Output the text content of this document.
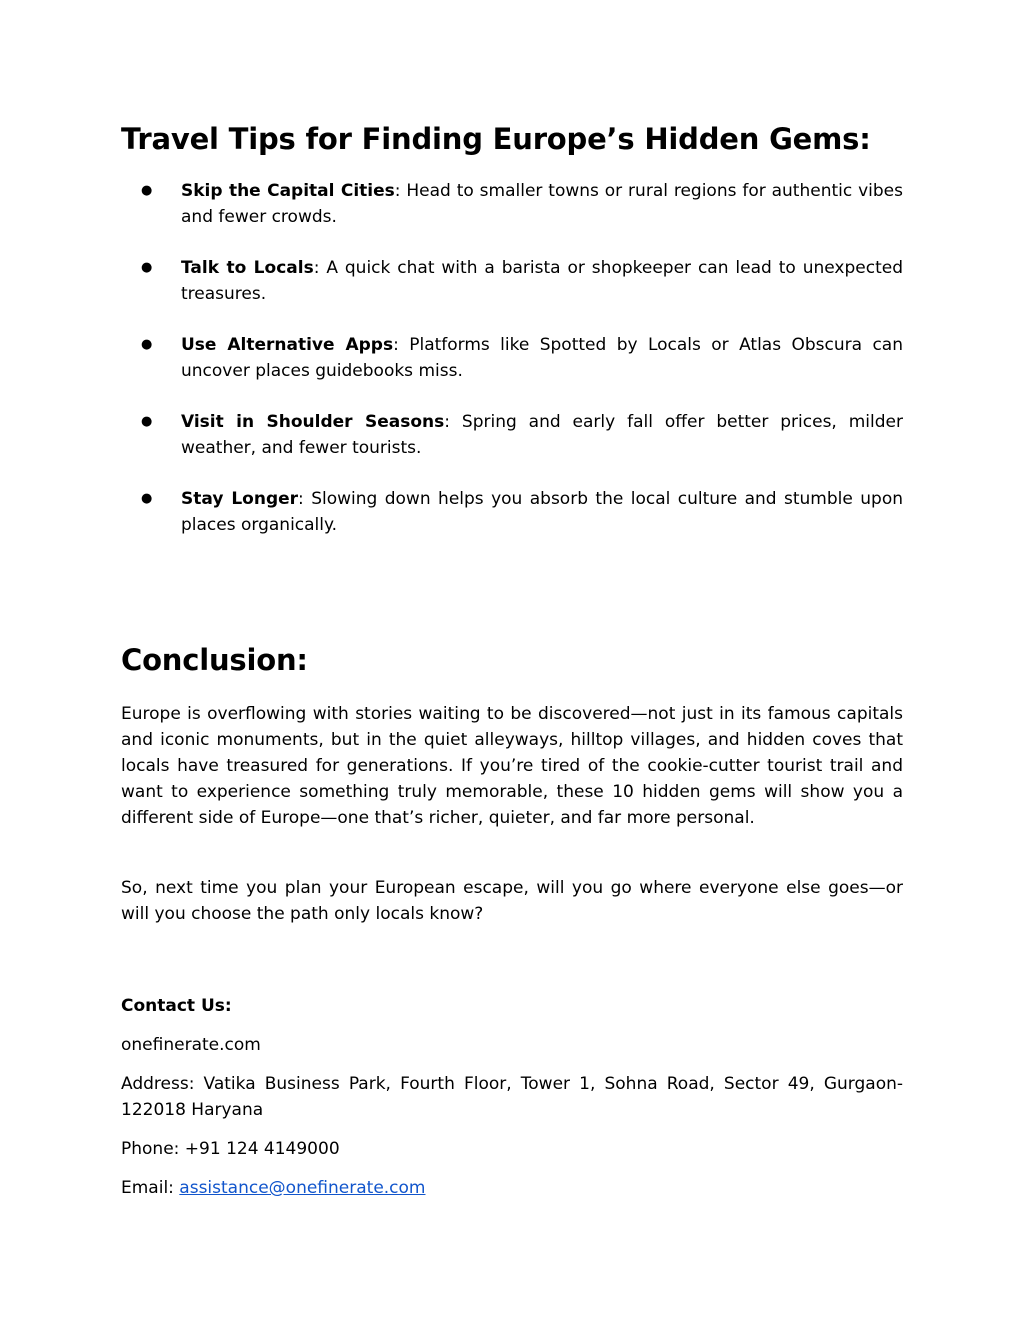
Travel Tips for Finding Europe’s Hidden Gems:
● Skip the Capital Cities: Head to smaller towns or rural regions for authentic vibes and fewer crowds.
● Talk to Locals: A quick chat with a barista or shopkeeper can lead to unexpected treasures.
● Use Alternative Apps: Platforms like Spotted by Locals or Atlas Obscura can uncover places guidebooks miss.
● Visit in Shoulder Seasons: Spring and early fall offer better prices, milder weather, and fewer tourists.
● Stay Longer: Slowing down helps you absorb the local culture and stumble upon places organically.
Conclusion:

Europe is overflowing with stories waiting to be discovered—not just in its famous capitals and iconic monuments, but in the quiet alleyways, hilltop villages, and hidden coves that locals have treasured for generations. If you’re tired of the cookie-cutter tourist trail and want to experience something truly memorable, these 10 hidden gems will show you a different side of Europe—one that’s richer, quieter, and far more personal.

So, next time you plan your European escape, will you go where everyone else goes—or will you choose the path only locals know?

Contact Us:

onefinerate.com

Address: Vatika Business Park, Fourth Floor, Tower 1, Sohna Road, Sector 49, Gurgaon- 122018 Haryana

Phone: +91 124 4149000

Email: assistance@onefinerate.com
